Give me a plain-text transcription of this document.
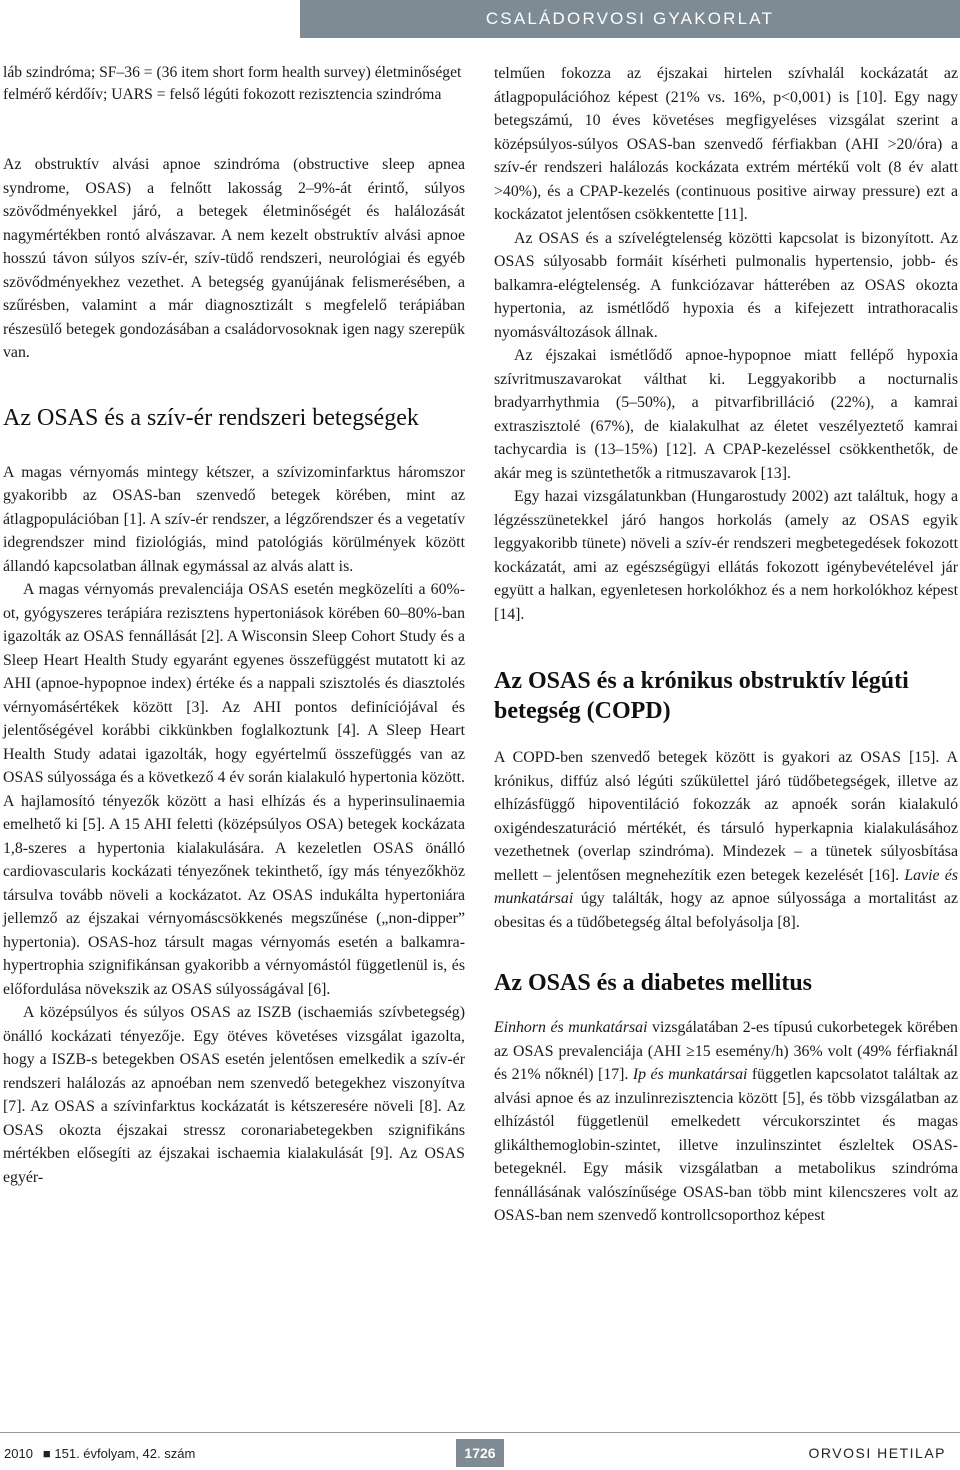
CSALÁDORVOSI GYAKORLAT

láb szindróma; SF–36 = (36 item short form health survey) életminőséget felmérő kérdőív; UARS = felső légúti fokozott rezisztencia szindróma

Az obstruktív alvási apnoe szindróma (obstructive sleep apnea syndrome, OSAS) a felnőtt lakosság 2–9%-át érintő, súlyos szövődményekkel járó, a betegek életminőségét és halálozását nagymértékben rontó alvászavar. A nem kezelt obstruktív alvási apnoe hosszú távon súlyos szív-ér, szív-tüdő rendszeri, neurológiai és egyéb szövődményekhez vezethet. A betegség gyanújának felismerésében, a szűrésben, valamint a már diagnosztizált s megfelelő terápiában részesülő betegek gondozásában a családorvosoknak igen nagy szerepük van.

Az OSAS és a szív-ér rendszeri betegségek

A magas vérnyomás mintegy kétszer, a szívizominfarktus háromszor gyakoribb az OSAS-ban szenvedő betegek körében, mint az átlagpopulációban [1]. A szív-ér rendszer, a légzőrendszer és a vegetatív idegrendszer mind fiziológiás, mind patológiás körülmények között állandó kapcsolatban állnak egymással az alvás alatt is.

A magas vérnyomás prevalenciája OSAS esetén megközelíti a 60%-ot, gyógyszeres terápiára rezisztens hypertoniások körében 60–80%-ban igazolták az OSAS fennállását [2]. A Wisconsin Sleep Cohort Study és a Sleep Heart Health Study egyaránt egyenes összefüggést mutatott ki az AHI (apnoe-hypopnoe index) értéke és a nappali szisztolés és diasztolés vérnyomásértékek között [3]. Az AHI pontos definíciójával és jelentőségével korábbi cikkünkben foglalkoztunk [4]. A Sleep Heart Health Study adatai igazolták, hogy egyértelmű összefüggés van az OSAS súlyossága és a következő 4 év során kialakuló hypertonia között. A hajlamosító tényezők között a hasi elhízás és a hyperinsulinaemia emelhető ki [5]. A 15 AHI feletti (középsúlyos OSA) betegek kockázata 1,8-szeres a hypertonia kialakulására. A kezeletlen OSAS önálló cardiovascularis kockázati tényezőnek tekinthető, így más tényezőkhöz társulva tovább növeli a kockázatot. Az OSAS indukálta hypertoniára jellemző az éjszakai vérnyomáscsökkenés megszűnése („non-dipper” hypertonia). OSAS-hoz társult magas vérnyomás esetén a balkamra-hypertrophia szignifikánsan gyakoribb a vérnyomástól függetlenül is, és előfordulása növekszik az OSAS súlyosságával [6].

A középsúlyos és súlyos OSAS az ISZB (ischaemiás szívbetegség) önálló kockázati tényezője. Egy ötéves követéses vizsgálat igazolta, hogy a ISZB-s betegekben OSAS esetén jelentősen emelkedik a szív-ér rendszeri halálozás az apnoéban nem szenvedő betegekhez viszonyítva [7]. Az OSAS a szívinfarktus kockázatát is kétszeresére növeli [8]. Az OSAS okozta éjszakai stressz coronariabetegekben szignifikáns mértékben elősegíti az éjszakai ischaemia kialakulását [9]. Az OSAS egyér-

telműen fokozza az éjszakai hirtelen szívhalál kockázatát az átlagpopulációhoz képest (21% vs. 16%, p<0,001) is [10]. Egy nagy betegszámú, 10 éves követéses megfigyeléses vizsgálat szerint a középsúlyos-súlyos OSAS-ban szenvedő férfiakban (AHI >20/óra) a szív-ér rendszeri halálozás kockázata extrém mértékű volt (8 év alatt >40%), és a CPAP-kezelés (continuous positive airway pressure) ezt a kockázatot jelentősen csökkentette [11].

Az OSAS és a szívelégtelenség közötti kapcsolat is bizonyított. Az OSAS súlyosabb formáit kísérheti pulmonalis hypertensio, jobb- és balkamra-elégtelenség. A funkciózavar hátterében az OSAS okozta hypertonia, az ismétlődő hypoxia és a kifejezett intrathoracalis nyomásváltozások állnak.

Az éjszakai ismétlődő apnoe-hypopnoe miatt fellépő hypoxia szívritmuszavarokat válthat ki. Leggyakoribb a nocturnalis bradyarrhythmia (5–50%), a pitvarfibrilláció (22%), a kamrai extraszisztolé (67%), de kialakulhat az életet veszélyeztető kamrai tachycardia is (13–15%) [12]. A CPAP-kezeléssel csökkenthetők, de akár meg is szüntethetők a ritmuszavarok [13].

Egy hazai vizsgálatunkban (Hungarostudy 2002) azt találtuk, hogy a légzésszünetekkel járó hangos horkolás (amely az OSAS egyik leggyakoribb tünete) növeli a szív-ér rendszeri megbetegedések fokozott kockázatát, ami az egészségügyi ellátás fokozott igénybevételével jár együtt a halkan, egyenletesen horkolókhoz és a nem horkolókhoz képest [14].

Az OSAS és a krónikus obstruktív légúti betegség (COPD)

A COPD-ben szenvedő betegek között is gyakori az OSAS [15]. A krónikus, diffúz alsó légúti szűkülettel járó tüdőbetegségek, illetve az elhízásfüggő hipoventiláció fokozzák az apnoék során kialakuló oxigéndeszaturáció mértékét, és társuló hyperkapnia kialakulásához vezethetnek (overlap szindróma). Mindezek – a tünetek súlyosbítása mellett – jelentősen megnehezítik ezen betegek kezelését [16]. Lavie és munkatársai úgy találták, hogy az apnoe súlyossága a mortalitást az obesitas és a tüdőbetegség által befolyásolja [8].

Az OSAS és a diabetes mellitus

Einhorn és munkatársai vizsgálatában 2-es típusú cukorbetegek körében az OSAS prevalenciája (AHI ≥15 esemény/h) 36% volt (49% férfiaknál és 21% nőknél) [17]. Ip és munkatársai független kapcsolatot találtak az alvási apnoe és az inzulinrezisztencia között [5], és több vizsgálatban az elhízástól függetlenül emelkedett vércukorszintet és magas glikálthemoglobin-szintet, illetve inzulinszintet észleltek OSAS-betegeknél. Egy másik vizsgálatban a metabolikus szindróma fennállásának valószínűsége OSAS-ban több mint kilencszeres volt az OSAS-ban nem szenvedő kontrollcsoporthoz képest

2010 ■ 151. évfolyam, 42. szám	1726	ORVOSI HETILAP
